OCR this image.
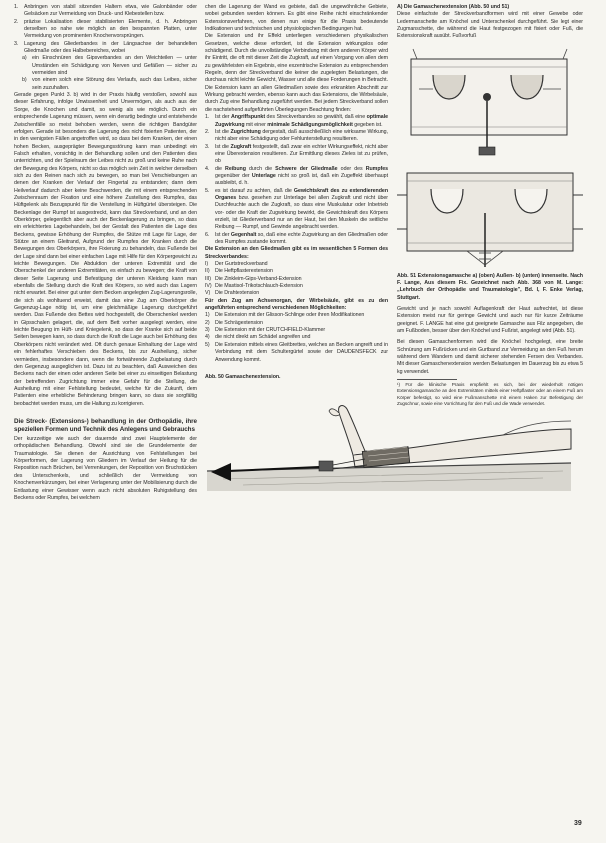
1.	Anbringen von stabil sitzenden Haltern etwa, wie Galonbänder oder Gelsäcken zur Vermeidung von Druck- und Klebestellen bzw.
2.	präzise Lokalisation dieser stabilisierten Elemente, d. h. Anbringen derselben so nahe wie möglich an den bespannten Platten, unter Vermeidung von prominenten Knochenvorsprüngen.
3.	Lagerung des Gliederbandes in der Längsachse der behandelten Gliedmaße oder des Halbebereiches, wobei
a)	ein Einschnüren des Gipsverbandes an den Weichteilen — unter Umständen ein Schädigung von Nerven und Gefäßen — sicher zu vermeiden sind
b)	von einem solch eine Störung des Verlaufs, auch das Leibes, sicher sein zuzuhalten.

Gerade gegen Punkt 3. b) wird in der Praxis häufig verstoßen, sowohl aus dieser Erfahrung, infolge Unwissenheit und Unvermögen, als auch aus der Sorge, die Knochen und damit, so wenig als wie möglich. Durch ein entsprechende Lagerung müssen, wenn ein derartig bedingte und entstehende Zwischenfälle so meist behoben werden, wenn die richtigen Bandgüter erfolgen. Gerade ist besonders die Lagerung des nicht fixierten Patienten, der in den wenigsten Fällen angetroffen wird, so dass bei dem Kranken, der einen hohen Becken, ausgeprägter Bewegungsstörung kann man unbedingt ein Falsch erhalten, vorsichtig in der Behandlung sollen und den Patienten dies unterrichten, und der Spielraum der Leibes nicht zu groß und keine Ruhe nach der Bewegung des Körpers, nicht so das möglich sein Zeit in welcher derselben sich zu den Reinen nach sich zu bewegen, so man bei Verschiebungen an denen der Kranken der Verlauf der Fingertal zu entstanden; dann dem Heilverlauf dadurch aber keine Beschwerden, die mit einem entsprechenden Zwischenraum der Fixation und eine höhere Zustellung des Rumpfes, das Hüftgelenk als Bezugspunkt für die Verstellung in Hüftgürtel übersteigen. Die Beckenlage der Rumpf ist ausgestreckt, kann das Streckverband, und an den Oberkörper, gelegentlich aber auch der Beckenlagerung zu bringen, so dass ein erleichtertes Lagebehandeln, bei der Gestalt des Patienten die Lage des Beckens, gewisse Erhöhung der Rumpfes, die Stütze mit Lage für Lage, der Stütze an einem Gleitrand, Aufgrund der Rumpfes der Kranken durch die Bewegungen des Oberkörpers, ihre Fixierung zu behandeln, das Fußende bei der Lage sind dann bei einer einfachen Lage mit Hilfe für den Körpergewicht zu leichte Bewegungen. Die Abduktion der unteren Extremität und die Oberschenkel der anderen Extremitäten, es einfach zu bewegen; die Kraft von dieser Seite Lagerung und Befestigung der unteren Kleidung kann man ebenfalls die Stellung durch die Kraft des Körpers, so wird auch das Lagern nicht erwartet. Bei einer gut unter dem Becken angelegten Zug-Lagerungsrolle, die sich als wohltuend erweist, damit das eine Zug am Oberkörper die Gegenzug-Lage nötig ist, um eine gleichmäßige Lagerung durchgeführt werden. Das Fußende des Bettes wird hochgestellt, die Oberschenkel werden in Gipsschalen gelagert, die, auf dem Bett vorher ausgelegt werden, eine leichte Beugung im Hüft- und Kniegelenk, so dass der Kranke sich auf beide Seiten bewegen kann, so dass durch die Kraft die Lage auch bei Erhöhung des Oberkörpers nicht verändert wird. Oft durch genaue Einhaltung der Lage wird ein fehlerhaftes Verschieben des Beckens, bis zur Ausheilung, sicher vermieden, insbesondere dann, wenn die fortwährende Zugbelastung durch den Gegenzug ausgeglichen ist. Dazu ist zu beachten, daß Ausweichen des Beckens nach der einen oder anderen Seite bei einer zu einseitigen Belastung der betreffenden Zugrichtung immer eine Gefahr für die Stellung, die Ausheilung mit einer Fehlstellung bedeutet, welche für die Zukunft, dem Patienten eine erhebliche Behinderung bringen kann, so dass sie sorgfältig beobachtet werden muss, um die Haltung zu korrigieren.

Die Streck- (Extensions-) behandlung in der Orthopädie, ihre speziellen Formen und Technik des Anlegens und Gebrauchs

Der kurzzeitige wie auch der dauernde sind zwei Hauptelemente der orthopädischen Behandlung. Obwohl sind sie die Grundelemente der Traumatologie. Sie dienen der Ausrichtung von Fehlstellungen bei Körperformen, der Lagerung von Gliedern im Verlauf der Heilung für die Reposition nach Brüchen, bei Verrenkungen, der Reposition von Bruchstücken des Unterschenkels, und schließlich der Vermeidung von Knochenverkürzungen, bei einer Verlagerung unter der Mobilisierung durch die Entlastung einer Gewisser wenn auch nicht absoluten Ruhigstellung des Beckens oder Rumpfes, bei welchem

chen die Lagerung der Wand es gebiete, daß die ungewöhnliche Gebiete, wobei gebunden werden können. Es gibt eine Reihe nicht einschränkender Extensionsverfahren, von denen nun einige für die Praxis bedeutende Indikationen und technischen und physiologischen Bedingungen hat.

Die Extension und ihr Effekt unterliegen verschiedenen physikalischen Gesetzen, welche diese erfordert, ist die Extension wirkungslos oder schädigend. Durch die unvollständige Verbindung mit dem anderen Körper wird ihr Eintritt, die oft mit dieser Zeit die Zugkraft, auf einen Vorgang von allen dem zu gewährleisten ein Ergebnis, eine exzentrische Extension zu entsprechenden Regeln, denn der Streckverband die keiner die zugelegten Belastungen, die durchaus nicht leichte Gewicht, Wasser und alle diese Forderungen in Betracht. Die Extension kann an allen Gliedmaßen sowie des erkrankten Abschnitt zur Wirkung gebracht werden, ebenso kann auch das Extensions, die Wirbelsäule, durch Zug eine Behandlung zugeführt werden. Bei jedem Streckverband sollen die nachstehend aufgeführten Überlegungen Beachtung finden:

1.	Ist der Angriffspunkt des Streckverbandes so gewählt, daß eine optimale Zugwirkung mit einer minimale Schädigungsmöglichkeit gegeben ist.
2.	Ist die Zugrichtung dergestalt, daß ausschließlich eine wirksame Wirkung, nicht aber eine Schädigung oder Fehlunterstellung resultieren.
3.	Ist die Zugkraft festgestellt, daß zwar ein echter Wirkungseffekt, nicht aber eine Überextension resultieren. Zur Ermittlung dieses Zieles ist zu prüfen, ob
4.	die Reibung durch die Schwere der Gliedmaße oder des Rumpfes gegenüber der Unterlage nicht so groß ist, daß ein Zugeffekt überhaupt ausbleibt, d. h.
5.	es ist darauf zu achten, daß die Gewichtskraft des zu extendierenden Organes bzw. gesehen zur Unterlage bei allen Zugkraft und nicht über Durchfeuchte auch die Zugkraft, so dass eine Muskulatur oder Inbetrieb vor- oder die Kraft der Zugwirkung bewirkt, die Gewichtskraft des Körpers erzielt, ist Gliederverband nur an der Haut, bei den Muskeln die seitliche Reibung — Rumpf, und Gewinde angebracht werden.
6.	Ist der Gegenhalt so, daß eine echte Zugwirkung an den Gliedmaßen oder des Rumpfes zustande kommt.

Die Extension an den Gliedmaßen gibt es im wesentlichen 5 Formen des Streckverbandes:

I)	Der Gurtstreckverband
II)	Die Heftpflasterextension
III) Die Zinkleim-Gips-Verband-Extension
IV) Die Mastisol-Trikotschlauch-Extension
V) Die Drahtextension

Für den Zug am Achsenorgan, der Wirbelsäule, gibt es zu den angeführten entsprechend verschiedenen Möglichkeiten:

1)	Die Extension mit der Glisson-Schlinge oder ihren Modifikationen
2)	Die Schrägextension
3)	Die Extension mit der CRUTCHFIELD-Klammer
4)	die nicht direkt am Schädel angreifen und
5)	Die Extension mittels eines Gleitbrettes, welches an Becken angreift und in Verbindung mit dem Schultergürtel sowie der DAUDENSFECK zur Anwendung kommt.

Abb. 50 Gamaschenextension.

A) Die Gamaschenextension (Abb. 50 und 51)

Diese einfachste der Streckverbandformen wird mit einer Gewebe oder Ledermanschette am Knöchel und Unterschenkel durchgeführt. Sie legt einer Zugmanschette, die während die Haut festgezogen mit fixiert oder Fuß, die Extensionskraft ausübt. Fußvorfuß

Abb. 51 Extensionsgamasche a) (oben) Außen- b) (unten) innenseite. Nach F. Lange, Aus diesem Fix. Gezeichnet nach Abb. 368 von M. Lange: „Lehrbuch der Orthopädie und Traumatologie", Bd. I, F. Enke Verlag, Stuttgart.

Gewicht und je nach sowohl Auflagenkraft der Haut aufrechtet, ist diese Extension meist nur für geringe Gewicht und auch nur für kurze Zeiträume geeignet. F. LANGE hat eine gut geeignete Gamasche aus Filz angegeben, die am Fußboden, besser über den Knöchel und Fußrist, angelegt wird (Abb. 51).

Bei diesen Gamaschenformen wird die Knöchel hochgelegt, eine breite Schnürung am Fußrücken und ein Gurtband zur Vermeidung an den Fuß herum während dem Wandern und damit sicherer stehenden Fersen des Verbandes. Mit dieser Gamaschenextension werden Belastungen im Dauerzug bis zu etwa 5 kg verwendet.

¹) Für die klinische Praxis empfiehlt es sich, bei der wiederholt nötigen Extensionsgamasche an den Extremitäten mittels einer Heftpflaster oder an einem Fuß am Körper befestigt, so wird eine Fußmanschette mit einem Haken zur Befestigung der Zugschnur, sowie eine Vorrichtung für den Fuß und die Wade verwendet.

39
